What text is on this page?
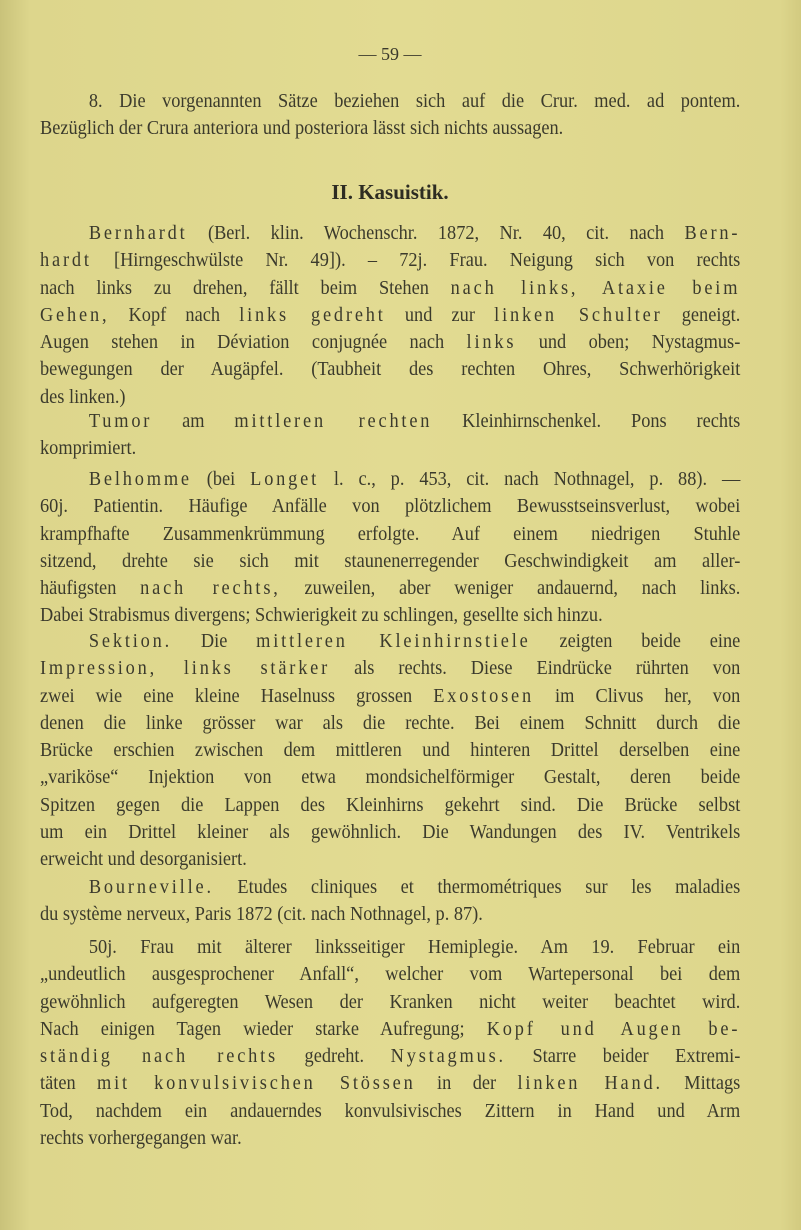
— 59 —
II. Kasuistik.
8. Die vorgenannten Sätze beziehen sich auf die Crur. med. ad pontem.
Bezüglich der Crura anteriora und posteriora lässt sich nichts aussagen.
Bernhardt (Berl. klin. Wochenschr. 1872, Nr. 40, cit. nach Bern-
hardt [Hirngeschwülste Nr. 49]). – 72j. Frau. Neigung sich von rechts
nach links zu drehen, fällt beim Stehen nach links, Ataxie beim
Gehen, Kopf nach links gedreht und zur linken Schulter geneigt.
Augen stehen in Déviation conjugnée nach links und oben; Nystagmus-
bewegungen der Augäpfel. (Taubheit des rechten Ohres, Schwerhörigkeit
des linken.)
Tumor am mittleren rechten Kleinhirnschenkel. Pons rechts
komprimiert.
Belhomme (bei Longet l. c., p. 453, cit. nach Nothnagel, p. 88). —
60j. Patientin. Häufige Anfälle von plötzlichem Bewusstseinsverlust, wobei
krampfhafte Zusammenkrümmung erfolgte. Auf einem niedrigen Stuhle
sitzend, drehte sie sich mit staunenerregender Geschwindigkeit am aller-
häufigsten nach rechts, zuweilen, aber weniger andauernd, nach links.
Dabei Strabismus divergens; Schwierigkeit zu schlingen, gesellte sich hinzu.
Sektion. Die mittleren Kleinhirnstiele zeigten beide eine
Impression, links stärker als rechts. Diese Eindrücke rührten von
zwei wie eine kleine Haselnuss grossen Exostosen im Clivus her, von
denen die linke grösser war als die rechte. Bei einem Schnitt durch die
Brücke erschien zwischen dem mittleren und hinteren Drittel derselben eine
„variköse“ Injektion von etwa mondsichelförmiger Gestalt, deren beide
Spitzen gegen die Lappen des Kleinhirns gekehrt sind. Die Brücke selbst
um ein Drittel kleiner als gewöhnlich. Die Wandungen des IV. Ventrikels
erweicht und desorganisiert.
Bourneville. Etudes cliniques et thermométriques sur les maladies
du système nerveux, Paris 1872 (cit. nach Nothnagel, p. 87).
50j. Frau mit älterer linksseitiger Hemiplegie. Am 19. Februar ein
„undeutlich ausgesprochener Anfall“, welcher vom Wartepersonal bei dem
gewöhnlich aufgeregten Wesen der Kranken nicht weiter beachtet wird.
Nach einigen Tagen wieder starke Aufregung; Kopf und Augen be-
ständig nach rechts gedreht. Nystagmus. Starre beider Extremi-
täten mit konvulsivischen Stössen in der linken Hand. Mittags
Tod, nachdem ein andauerndes konvulsivisches Zittern in Hand und Arm
rechts vorhergegangen war.
